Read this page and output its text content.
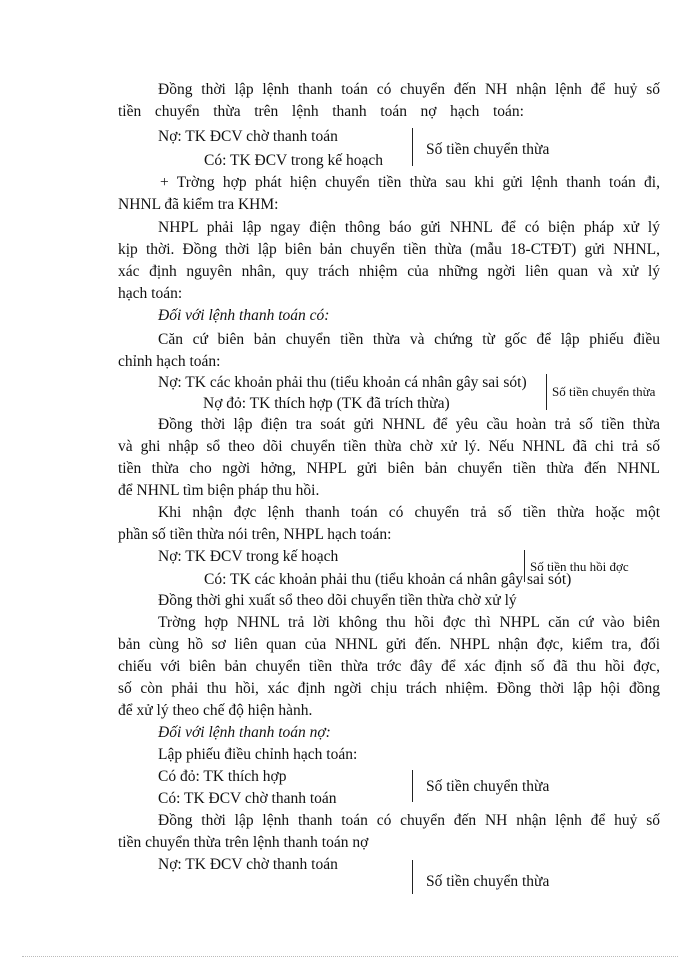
Đồng thời lập lệnh thanh toán có chuyển đến NH nhận lệnh để huỷ số
tiền chuyển thừa trên lệnh thanh toán nợ hạch toán:
Nợ: TK ĐCV chờ thanh toán
Có: TK ĐCV trong kế hoạch
Số tiền chuyển thừa
+ Trờng hợp phát hiện chuyển tiền thừa sau khi gửi lệnh thanh toán đi,
NHNL đã kiểm tra KHM:
NHPL phải lập ngay điện thông báo gửi NHNL để có biện pháp xử lý
kịp thời. Đồng thời lập biên bản chuyển tiền thừa (mẫu 18-CTĐT) gửi NHNL,
xác định nguyên nhân, quy trách nhiệm của những ngời liên quan và xử lý
hạch toán:
Đối với lệnh thanh toán có:
Căn cứ biên bản chuyển tiền thừa và chứng từ gốc để lập phiếu điều
chỉnh hạch toán:
Nợ: TK các khoản phải thu (tiểu khoản cá nhân gây sai sót)
Nợ đỏ: TK thích hợp (TK đã trích thừa)
Số tiền chuyển thừa
Đồng thời lập điện tra soát gửi NHNL để yêu cầu hoàn trả số tiền thừa
và ghi nhập sổ theo dõi chuyển tiền thừa chờ xử lý. Nếu NHNL đã chi trả số
tiền thừa cho ngời hởng, NHPL gửi biên bản chuyển tiền thừa đến NHNL
để NHNL tìm biện pháp thu hồi.
Khi nhận đợc lệnh thanh toán có chuyển trả số tiền thừa hoặc một
phần số tiền thừa nói trên, NHPL hạch toán:
Nợ: TK ĐCV trong kế hoạch
Số tiền thu hồi đợc
Có: TK các khoản phải thu (tiểu khoản cá nhân gây sai sót)
Đồng thời ghi xuất sổ theo dõi chuyển tiền thừa chờ xử lý
Trờng hợp NHNL trả lời không thu hồi đợc thì NHPL căn cứ vào biên
bản cùng hồ sơ liên quan của NHNL gửi đến. NHPL nhận đợc, kiểm tra, đối
chiếu với biên bản chuyển tiền thừa trớc đây để xác định số đã thu hồi đợc,
số còn phải thu hồi, xác định ngời chịu trách nhiệm. Đồng thời lập hội đồng
để xử lý theo chế độ hiện hành.
Đối với lệnh thanh toán nợ:
Lập phiếu điều chỉnh hạch toán:
Có đỏ: TK thích hợp
Số tiền chuyển thừa
Có: TK ĐCV chờ thanh toán
Đồng thời lập lệnh thanh toán có chuyển đến NH nhận lệnh để huỷ số
tiền chuyển thừa trên lệnh thanh toán nợ
Nợ: TK ĐCV chờ thanh toán
Số tiền chuyển thừa
